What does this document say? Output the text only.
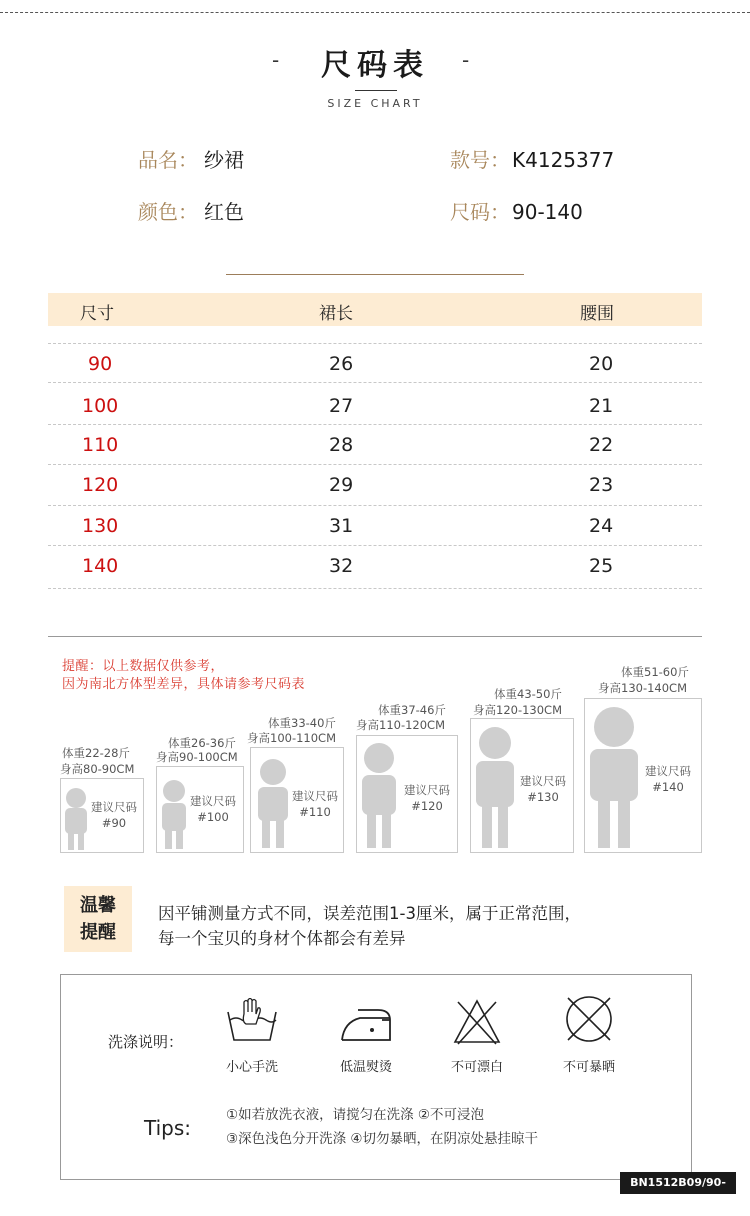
- 尺码表 -
SIZE CHART
品名： 纱裙	款号： K4125377
颜色： 红色	尺码： 90-140
尺寸	裙长	腰围
90	26	20
100	27	21
110	28	22
120	29	23
130	31	24
140	32	25
提醒：以上数据仅供参考，
因为南北方体型差异，具体请参考尺码表
体重22-28斤
身高80-90CM
建议尺码
#90
体重26-36斤
身高90-100CM
建议尺码
#100
体重33-40斤
身高100-110CM
建议尺码
#110
体重37-46斤
身高110-120CM
建议尺码
#120
体重43-50斤
身高120-130CM
建议尺码
#130
体重51-60斤
身高130-140CM
建议尺码
#140
温馨
提醒
因平铺测量方式不同，误差范围1-3厘米，属于正常范围，
每一个宝贝的身材个体都会有差异
洗涤说明：
小心手洗	低温熨烫	不可漂白	不可暴晒
Tips:
①如若放洗衣液，请搅匀在洗涤 ②不可浸泡
③深色浅色分开洗涤 ④切勿暴晒，在阴凉处悬挂晾干
BN1512B09/90-140
